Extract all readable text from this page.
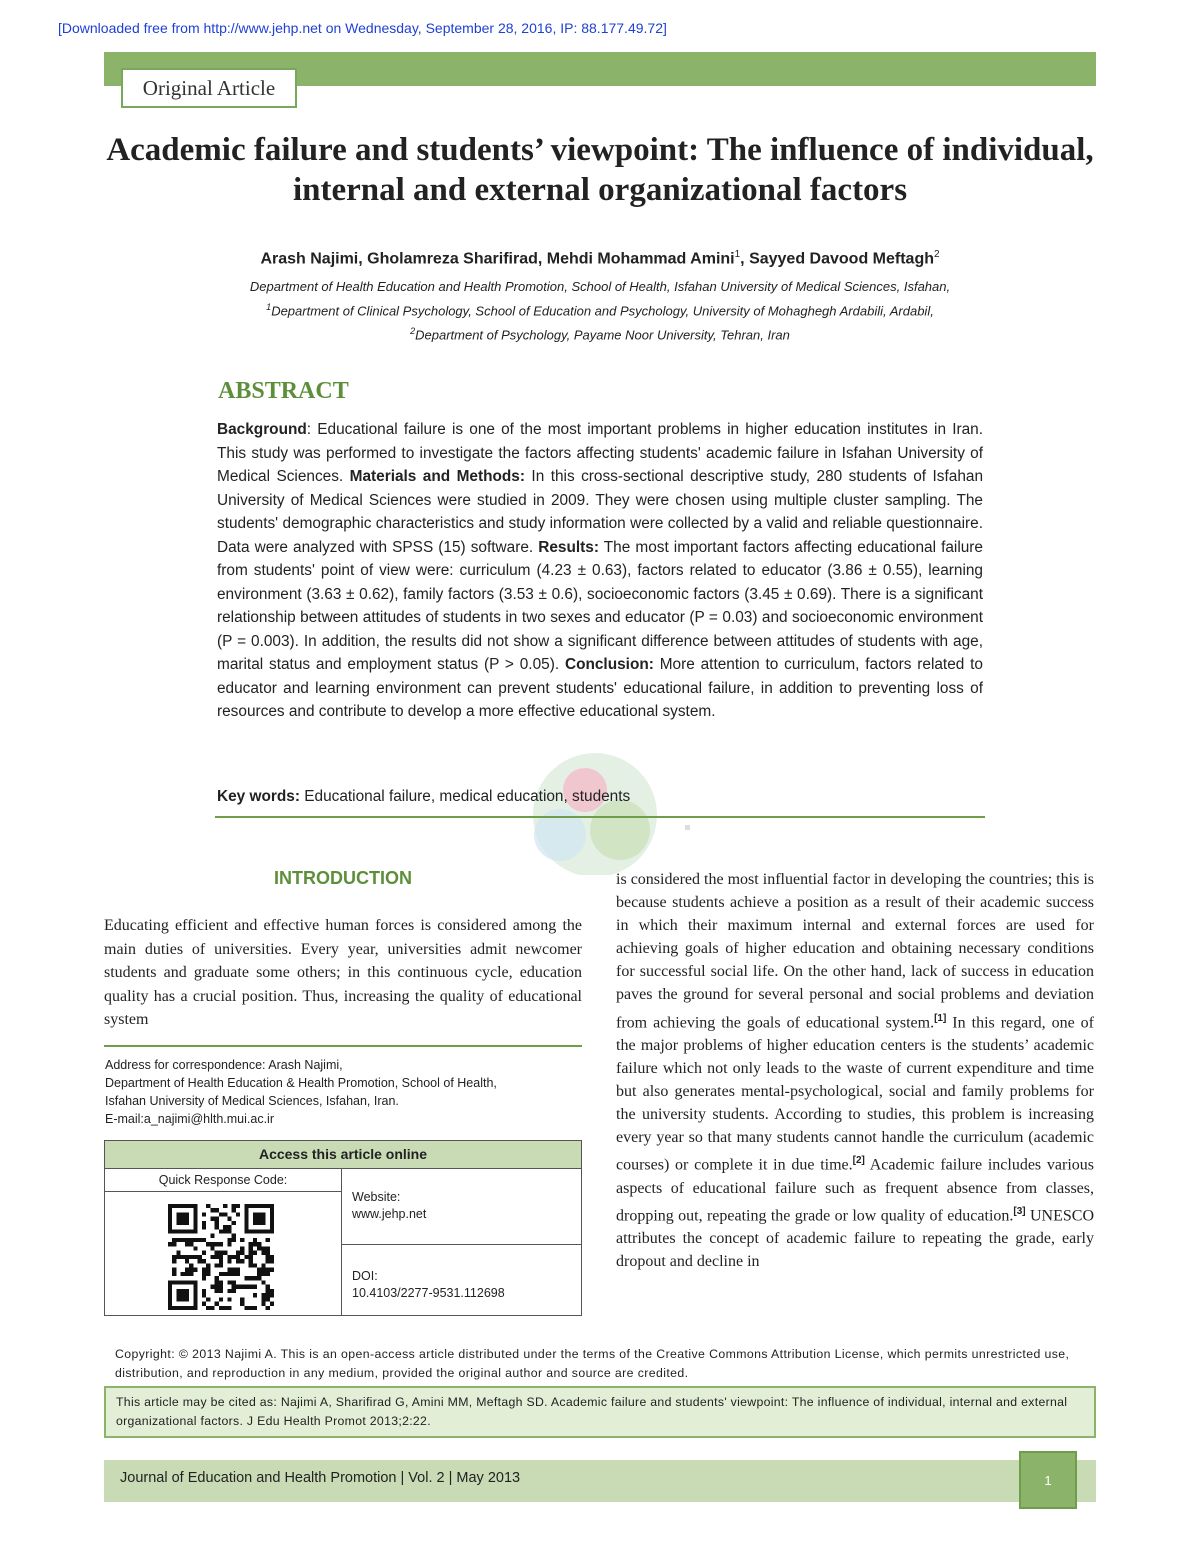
[Downloaded free from http://www.jehp.net on Wednesday, September 28, 2016, IP: 88.177.49.72]
Original Article
Academic failure and students’ viewpoint: The influence of individual, internal and external organizational factors
Arash Najimi, Gholamreza Sharifirad, Mehdi Mohammad Amini$^1$, Sayyed Davood Meftagh$^2$
Department of Health Education and Health Promotion, School of Health, Isfahan University of Medical Sciences, Isfahan,
$^1$Department of Clinical Psychology, School of Education and Psychology, University of Mohaghegh Ardabili, Ardabil,
$^2$Department of Psychology, Payame Noor University, Tehran, Iran
ABSTRACT
Background: Educational failure is one of the most important problems in higher education institutes in Iran. This study was performed to investigate the factors affecting students' academic failure in Isfahan University of Medical Sciences. Materials and Methods: In this cross-sectional descriptive study, 280 students of Isfahan University of Medical Sciences were studied in 2009. They were chosen using multiple cluster sampling. The students' demographic characteristics and study information were collected by a valid and reliable questionnaire. Data were analyzed with SPSS (15) software. Results: The most important factors affecting educational failure from students' point of view were: curriculum (4.23 ± 0.63), factors related to educator (3.86 ± 0.55), learning environment (3.63 ± 0.62), family factors (3.53 ± 0.6), socioeconomic factors (3.45 ± 0.69). There is a significant relationship between attitudes of students in two sexes and educator (P = 0.03) and socioeconomic environment (P = 0.003). In addition, the results did not show a significant difference between attitudes of students with age, marital status and employment status (P > 0.05). Conclusion: More attention to curriculum, factors related to educator and learning environment can prevent students' educational failure, in addition to preventing loss of resources and contribute to develop a more effective educational system.
Key words: Educational failure, medical education, students
INTRODUCTION
Educating efficient and effective human forces is considered among the main duties of universities. Every year, universities admit newcomer students and graduate some others; in this continuous cycle, education quality has a crucial position. Thus, increasing the quality of educational system
is considered the most influential factor in developing the countries; this is because students achieve a position as a result of their academic success in which their maximum internal and external forces are used for achieving goals of higher education and obtaining necessary conditions for successful social life. On the other hand, lack of success in education paves the ground for several personal and social problems and deviation from achieving the goals of educational system.[1] In this regard, one of the major problems of higher education centers is the students’ academic failure which not only leads to the waste of current expenditure and time but also generates mental-psychological, social and family problems for the university students. According to studies, this problem is increasing every year so that many students cannot handle the curriculum (academic courses) or complete it in due time.[2] Academic failure includes various aspects of educational failure such as frequent absence from classes, dropping out, repeating the grade or low quality of education.[3] UNESCO attributes the concept of academic failure to repeating the grade, early dropout and decline in
Address for correspondence: Arash Najimi,
Department of Health Education & Health Promotion, School of Health,
Isfahan University of Medical Sciences, Isfahan, Iran.
E-mail:a_najimi@hlth.mui.ac.ir
Access this article online
Quick Response Code:
Website:
www.jehp.net
DOI:
10.4103/2277-9531.112698
Copyright: © 2013 Najimi A. This is an open-access article distributed under the terms of the Creative Commons Attribution License, which permits unrestricted use, distribution, and reproduction in any medium, provided the original author and source are credited.
This article may be cited as: Najimi A, Sharifirad G, Amini MM, Meftagh SD. Academic failure and students' viewpoint: The influence of individual, internal and external organizational factors. J Edu Health Promot 2013;2:22.
Journal of Education and Health Promotion | Vol. 2 | May 2013	1
